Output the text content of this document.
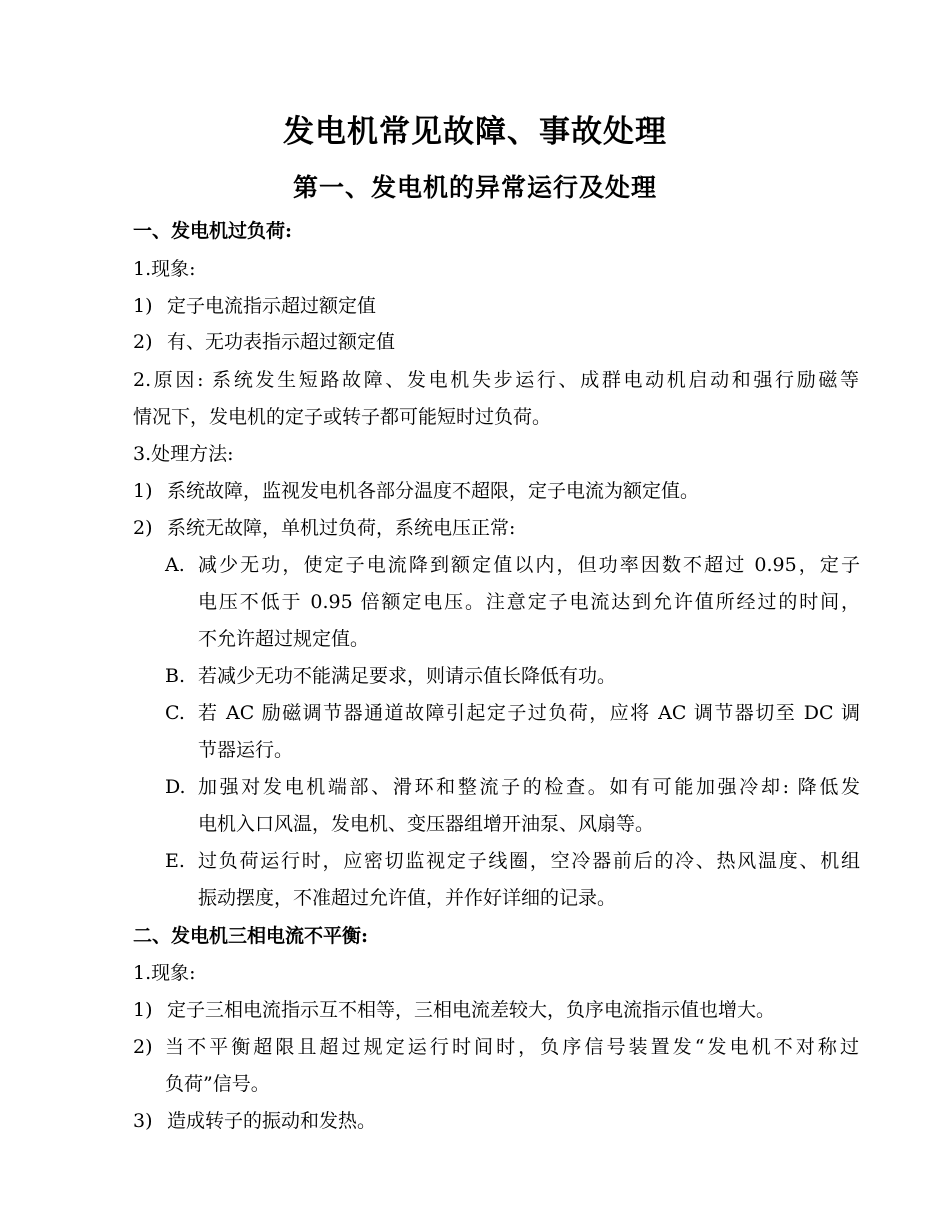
发电机常见故障、事故处理
第一、发电机的异常运行及处理
一、发电机过负荷:
1.现象:
1) 定子电流指示超过额定值
2) 有、无功表指示超过额定值
2.原因: 系统发生短路故障、发电机失步运行、成群电动机启动和强行励磁等
情况下，发电机的定子或转子都可能短时过负荷。
3.处理方法:
1) 系统故障，监视发电机各部分温度不超限，定子电流为额定值。
2) 系统无故障，单机过负荷，系统电压正常:
A. 减少无功，使定子电流降到额定值以内，但功率因数不超过 0.95，定子
电压不低于 0.95 倍额定电压。注意定子电流达到允许值所经过的时间，
不允许超过规定值。
B. 若减少无功不能满足要求，则请示值长降低有功。
C. 若 AC 励磁调节器通道故障引起定子过负荷，应将 AC 调节器切至 DC 调
节器运行。
D. 加强对发电机端部、滑环和整流子的检查。如有可能加强冷却: 降低发
电机入口风温，发电机、变压器组增开油泵、风扇等。
E. 过负荷运行时，应密切监视定子线圈，空冷器前后的冷、热风温度、机组
振动摆度，不准超过允许值，并作好详细的记录。
二、发电机三相电流不平衡:
1.现象:
1) 定子三相电流指示互不相等，三相电流差较大，负序电流指示值也增大。
2) 当不平衡超限且超过规定运行时间时，负序信号装置发“发电机不对称过
负荷”信号。
3) 造成转子的振动和发热。
